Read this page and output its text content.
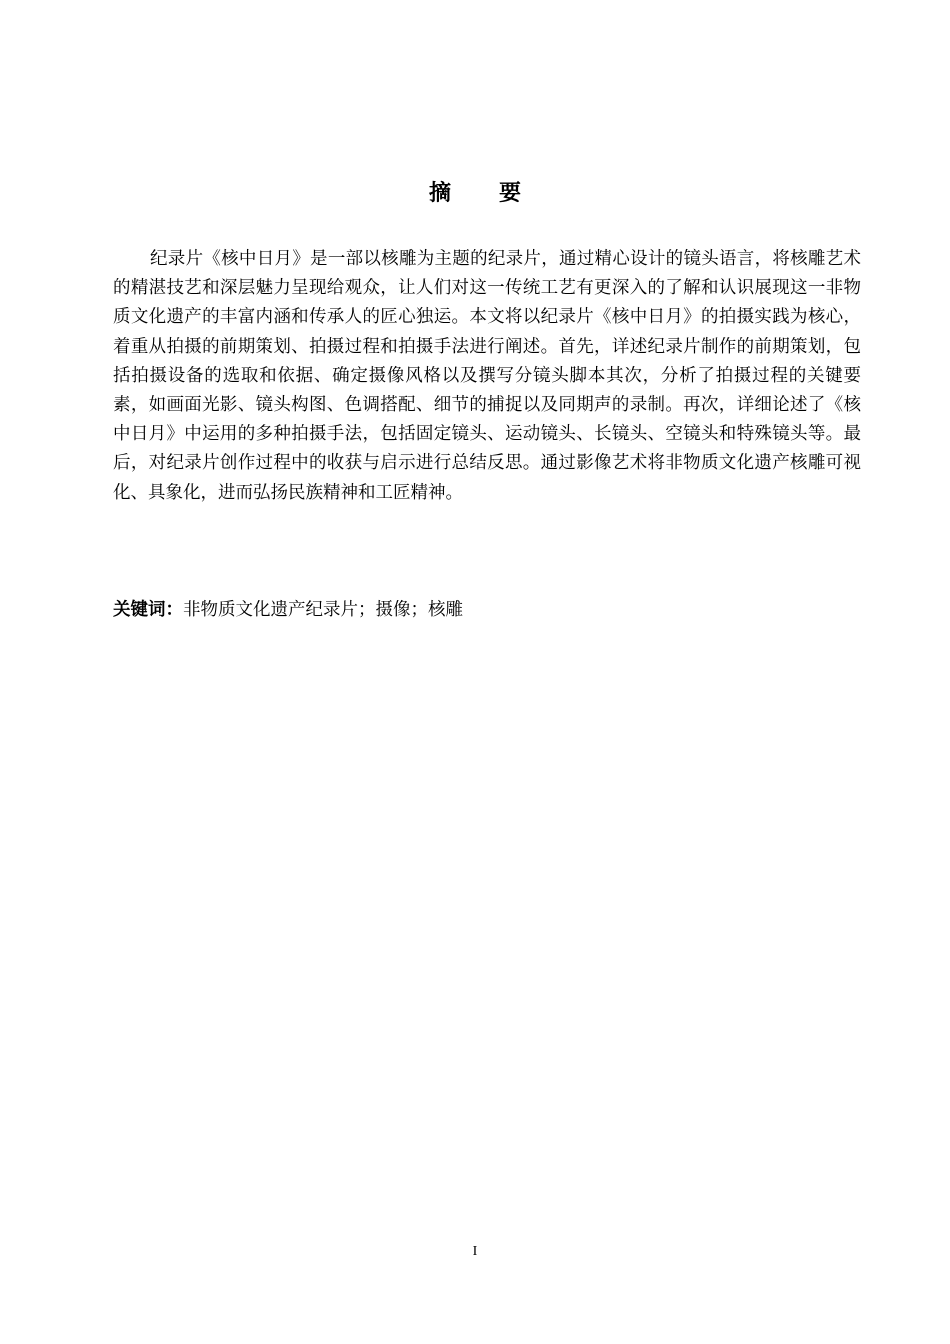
摘要

纪录片《核中日月》是一部以核雕为主题的纪录片，通过精心设计的镜头语言，将核雕艺术的精湛技艺和深层魅力呈现给观众，让人们对这一传统工艺有更深入的了解和认识展现这一非物质文化遗产的丰富内涵和传承人的匠心独运。本文将以纪录片《核中日月》的拍摄实践为核心，着重从拍摄的前期策划、拍摄过程和拍摄手法进行阐述。首先，详述纪录片制作的前期策划，包括拍摄设备的选取和依据、确定摄像风格以及撰写分镜头脚本其次，分析了拍摄过程的关键要素，如画面光影、镜头构图、色调搭配、细节的捕捉以及同期声的录制。再次，详细论述了《核中日月》中运用的多种拍摄手法，包括固定镜头、运动镜头、长镜头、空镜头和特殊镜头等。最后，对纪录片创作过程中的收获与启示进行总结反思。通过影像艺术将非物质文化遗产核雕可视化、具象化，进而弘扬民族精神和工匠精神。

关键词：非物质文化遗产纪录片；摄像；核雕

I
